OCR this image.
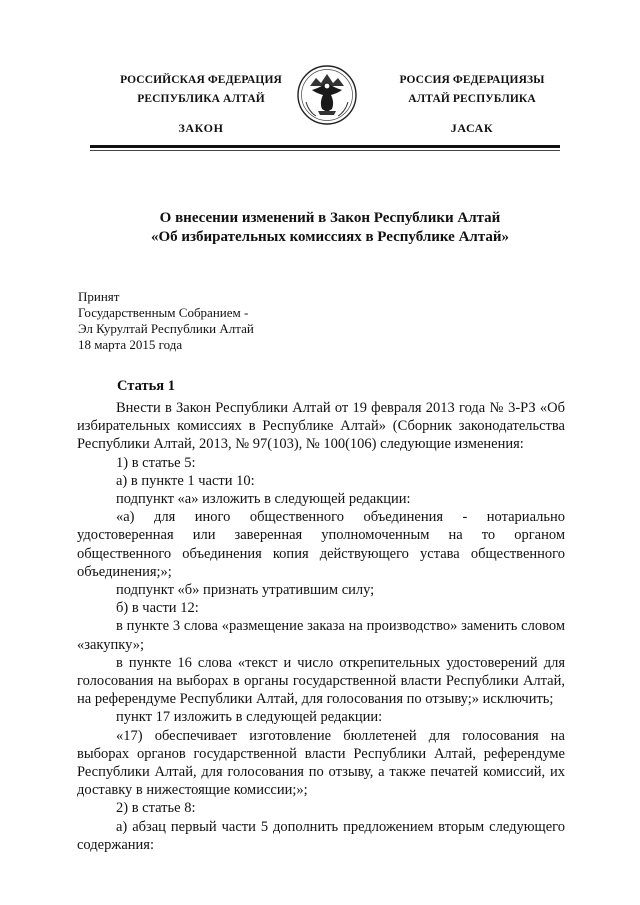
РОССИЙСКАЯ ФЕДЕРАЦИЯ
РЕСПУБЛИКА АЛТАЙ
ЗАКОН
РОССИЯ ФЕДЕРАЦИЯЗЫ
АЛТАЙ РЕСПУБЛИКА
JАСАК
О внесении изменений в Закон Республики Алтай
«Об избирательных комиссиях в Республике Алтай»
Принят
Государственным Собранием -
Эл Курултай Республики Алтай
18 марта 2015 года
Статья 1

Внести в Закон Республики Алтай от 19 февраля 2013 года № 3-РЗ «Об избирательных комиссиях в Республике Алтай» (Сборник законодательства Республики Алтай, 2013, № 97(103), № 100(106) следующие изменения:

1) в статье 5:

а) в пункте 1 части 10:

подпункт «а» изложить в следующей редакции:

«а) для иного общественного объединения - нотариально удостоверенная или заверенная уполномоченным на то органом общественного объединения копия действующего устава общественного объединения;»;

подпункт «б» признать утратившим силу;

б) в части 12:

в пункте 3 слова «размещение заказа на производство» заменить словом «закупку»;

в пункте 16 слова «текст и число открепительных удостоверений для голосования на выборах в органы государственной власти Республики Алтай, на референдуме Республики Алтай, для голосования по отзыву;» исключить;

пункт 17 изложить в следующей редакции:

«17) обеспечивает изготовление бюллетеней для голосования на выборах органов государственной власти Республики Алтай, референдуме Республики Алтай, для голосования по отзыву, а также печатей комиссий, их доставку в нижестоящие комиссии;»;

2) в статье 8:

а) абзац первый части 5 дополнить предложением вторым следующего содержания:
